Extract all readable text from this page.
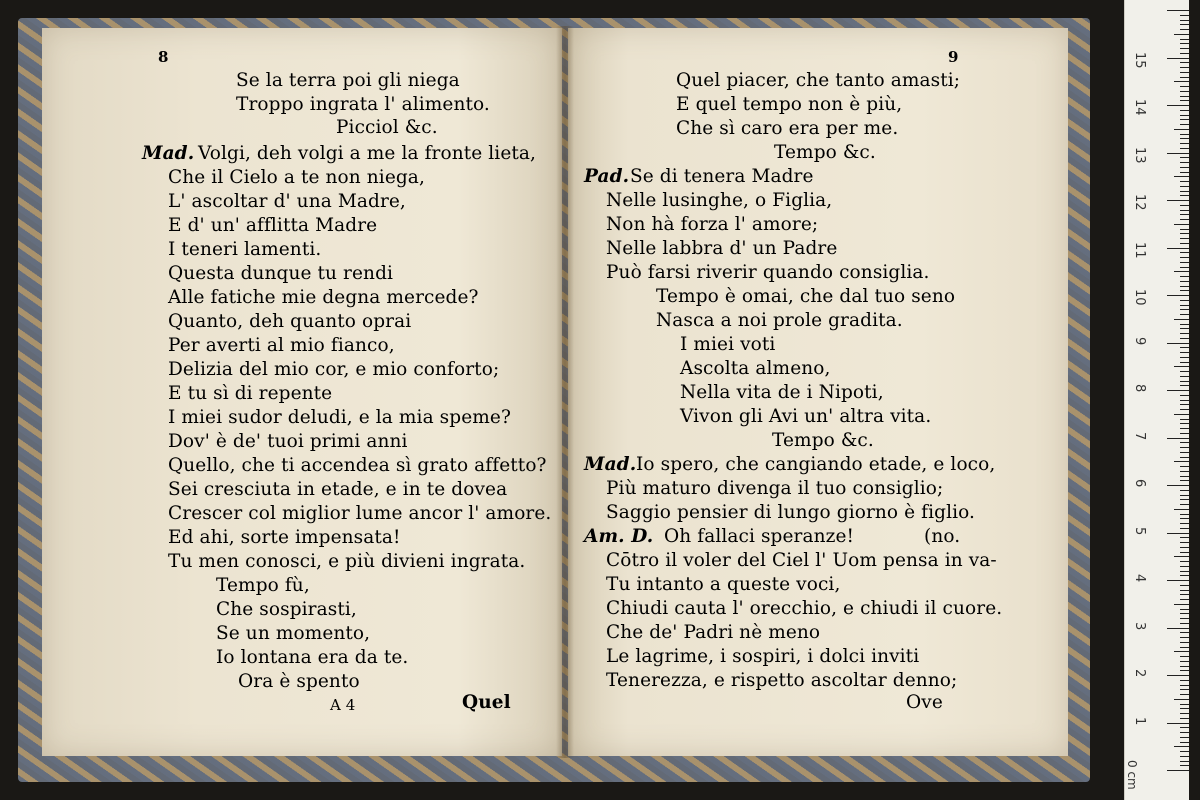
8
Se la terra poi gli niega
Troppo ingrata l' alimento.
Picciol &c.
Mad. Volgi, deh volgi a me la fronte lieta,
Che il Cielo a te non niega,
L' ascoltar d' una Madre,
E d' un' afflitta Madre
I teneri lamenti.
Questa dunque tu rendi
Alle fatiche mie degna mercede?
Quanto, deh quanto oprai
Per averti al mio fianco,
Delizia del mio cor, e mio conforto;
E tu sì di repente
I miei sudor deludi, e la mia speme?
Dov' è de' tuoi primi anni
Quello, che ti accendea sì grato affetto?
Sei cresciuta in etade, e in te dovea
Crescer col miglior lume ancor l' amore.
Ed ahi, sorte impensata!
Tu men conosci, e più divieni ingrata.
Tempo fù,
Che sospirasti,
Se un momento,
Io lontana era da te.
Ora è spento
A 4	Quel
9
Quel piacer, che tanto amasti;
E quel tempo non è più,
Che sì caro era per me.
Tempo &c.
Pad. Se di tenera Madre
Nelle lusinghe, o Figlia,
Non hà forza l' amore;
Nelle labbra d' un Padre
Può farsi riverir quando consiglia.
Tempo è omai, che dal tuo seno
Nasca a noi prole gradita.
I miei voti
Ascolta almeno,
Nella vita de i Nipoti,
Vivon gli Avi un' altra vita.
Tempo &c.
Mad. Io spero, che cangiando etade, e loco,
Più maturo divenga il tuo consiglio;
Saggio pensier di lungo giorno è figlio.
Am. D. Oh fallaci speranze!	(no.
Cōtro il voler del Ciel l' Uom pensa in va-
Tu intanto a queste voci,
Chiudi cauta l' orecchio, e chiudi il cuore.
Che de' Padri nè meno
Le lagrime, i sospiri, i dolci inviti
Tenerezza, e rispetto ascoltar denno;
Ove
0 cm
15
14
13
12
11
10
9
8
7
6
5
4
3
2
1
